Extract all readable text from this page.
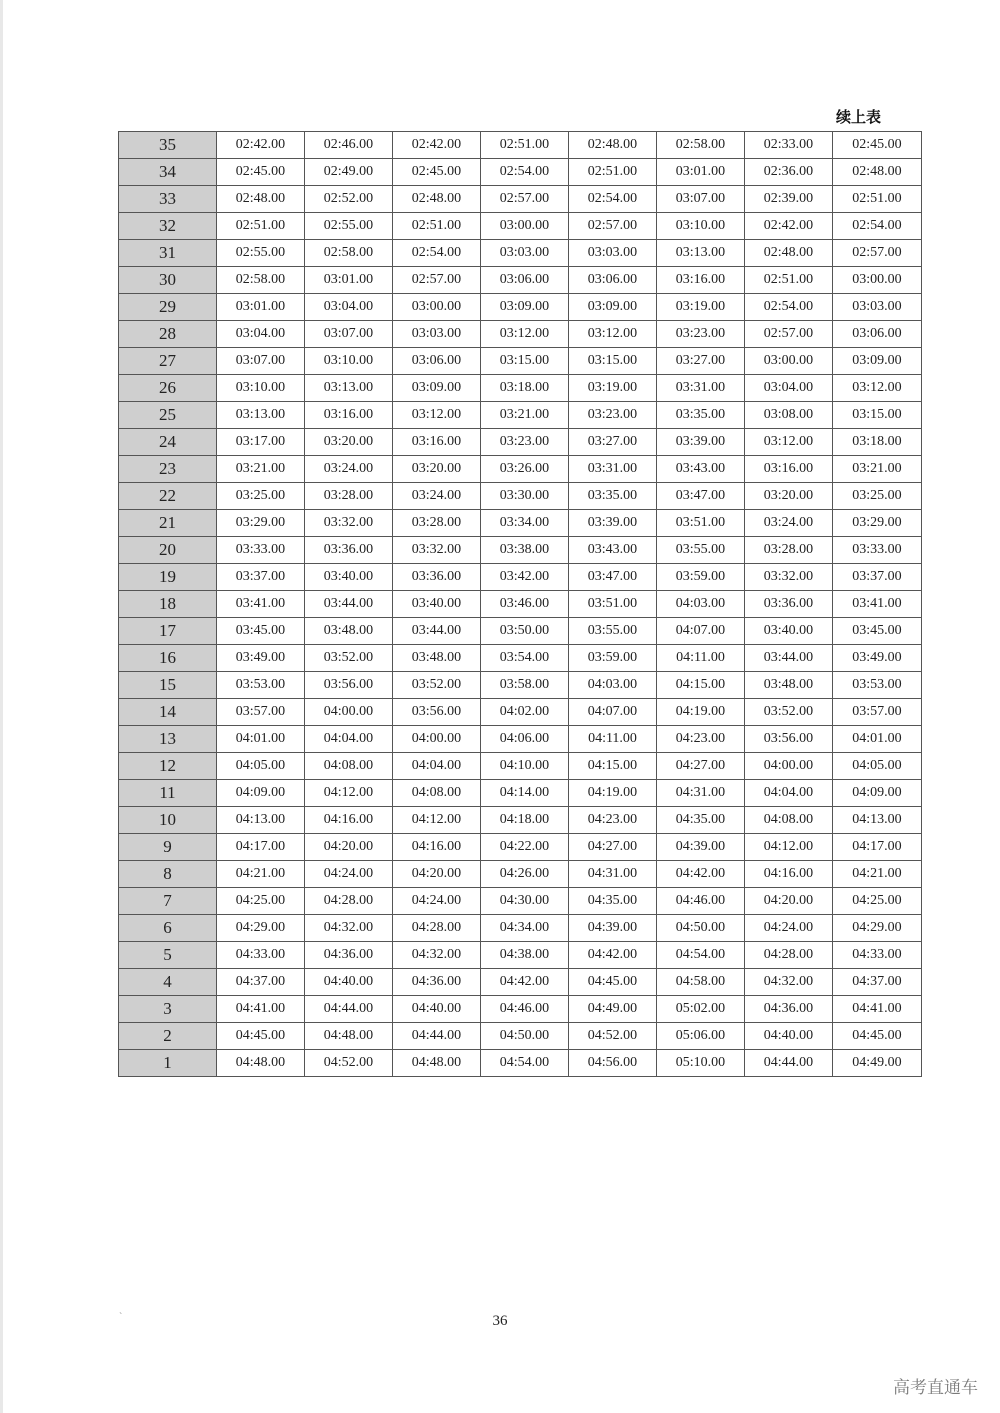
续上表
35	02:42.00	02:46.00	02:42.00	02:51.00	02:48.00	02:58.00	02:33.00	02:45.00
34	02:45.00	02:49.00	02:45.00	02:54.00	02:51.00	03:01.00	02:36.00	02:48.00
33	02:48.00	02:52.00	02:48.00	02:57.00	02:54.00	03:07.00	02:39.00	02:51.00
32	02:51.00	02:55.00	02:51.00	03:00.00	02:57.00	03:10.00	02:42.00	02:54.00
31	02:55.00	02:58.00	02:54.00	03:03.00	03:03.00	03:13.00	02:48.00	02:57.00
30	02:58.00	03:01.00	02:57.00	03:06.00	03:06.00	03:16.00	02:51.00	03:00.00
29	03:01.00	03:04.00	03:00.00	03:09.00	03:09.00	03:19.00	02:54.00	03:03.00
28	03:04.00	03:07.00	03:03.00	03:12.00	03:12.00	03:23.00	02:57.00	03:06.00
27	03:07.00	03:10.00	03:06.00	03:15.00	03:15.00	03:27.00	03:00.00	03:09.00
26	03:10.00	03:13.00	03:09.00	03:18.00	03:19.00	03:31.00	03:04.00	03:12.00
25	03:13.00	03:16.00	03:12.00	03:21.00	03:23.00	03:35.00	03:08.00	03:15.00
24	03:17.00	03:20.00	03:16.00	03:23.00	03:27.00	03:39.00	03:12.00	03:18.00
23	03:21.00	03:24.00	03:20.00	03:26.00	03:31.00	03:43.00	03:16.00	03:21.00
22	03:25.00	03:28.00	03:24.00	03:30.00	03:35.00	03:47.00	03:20.00	03:25.00
21	03:29.00	03:32.00	03:28.00	03:34.00	03:39.00	03:51.00	03:24.00	03:29.00
20	03:33.00	03:36.00	03:32.00	03:38.00	03:43.00	03:55.00	03:28.00	03:33.00
19	03:37.00	03:40.00	03:36.00	03:42.00	03:47.00	03:59.00	03:32.00	03:37.00
18	03:41.00	03:44.00	03:40.00	03:46.00	03:51.00	04:03.00	03:36.00	03:41.00
17	03:45.00	03:48.00	03:44.00	03:50.00	03:55.00	04:07.00	03:40.00	03:45.00
16	03:49.00	03:52.00	03:48.00	03:54.00	03:59.00	04:11.00	03:44.00	03:49.00
15	03:53.00	03:56.00	03:52.00	03:58.00	04:03.00	04:15.00	03:48.00	03:53.00
14	03:57.00	04:00.00	03:56.00	04:02.00	04:07.00	04:19.00	03:52.00	03:57.00
13	04:01.00	04:04.00	04:00.00	04:06.00	04:11.00	04:23.00	03:56.00	04:01.00
12	04:05.00	04:08.00	04:04.00	04:10.00	04:15.00	04:27.00	04:00.00	04:05.00
11	04:09.00	04:12.00	04:08.00	04:14.00	04:19.00	04:31.00	04:04.00	04:09.00
10	04:13.00	04:16.00	04:12.00	04:18.00	04:23.00	04:35.00	04:08.00	04:13.00
9	04:17.00	04:20.00	04:16.00	04:22.00	04:27.00	04:39.00	04:12.00	04:17.00
8	04:21.00	04:24.00	04:20.00	04:26.00	04:31.00	04:42.00	04:16.00	04:21.00
7	04:25.00	04:28.00	04:24.00	04:30.00	04:35.00	04:46.00	04:20.00	04:25.00
6	04:29.00	04:32.00	04:28.00	04:34.00	04:39.00	04:50.00	04:24.00	04:29.00
5	04:33.00	04:36.00	04:32.00	04:38.00	04:42.00	04:54.00	04:28.00	04:33.00
4	04:37.00	04:40.00	04:36.00	04:42.00	04:45.00	04:58.00	04:32.00	04:37.00
3	04:41.00	04:44.00	04:40.00	04:46.00	04:49.00	05:02.00	04:36.00	04:41.00
2	04:45.00	04:48.00	04:44.00	04:50.00	04:52.00	05:06.00	04:40.00	04:45.00
1	04:48.00	04:52.00	04:48.00	04:54.00	04:56.00	05:10.00	04:44.00	04:49.00
`	36
高考直通车
